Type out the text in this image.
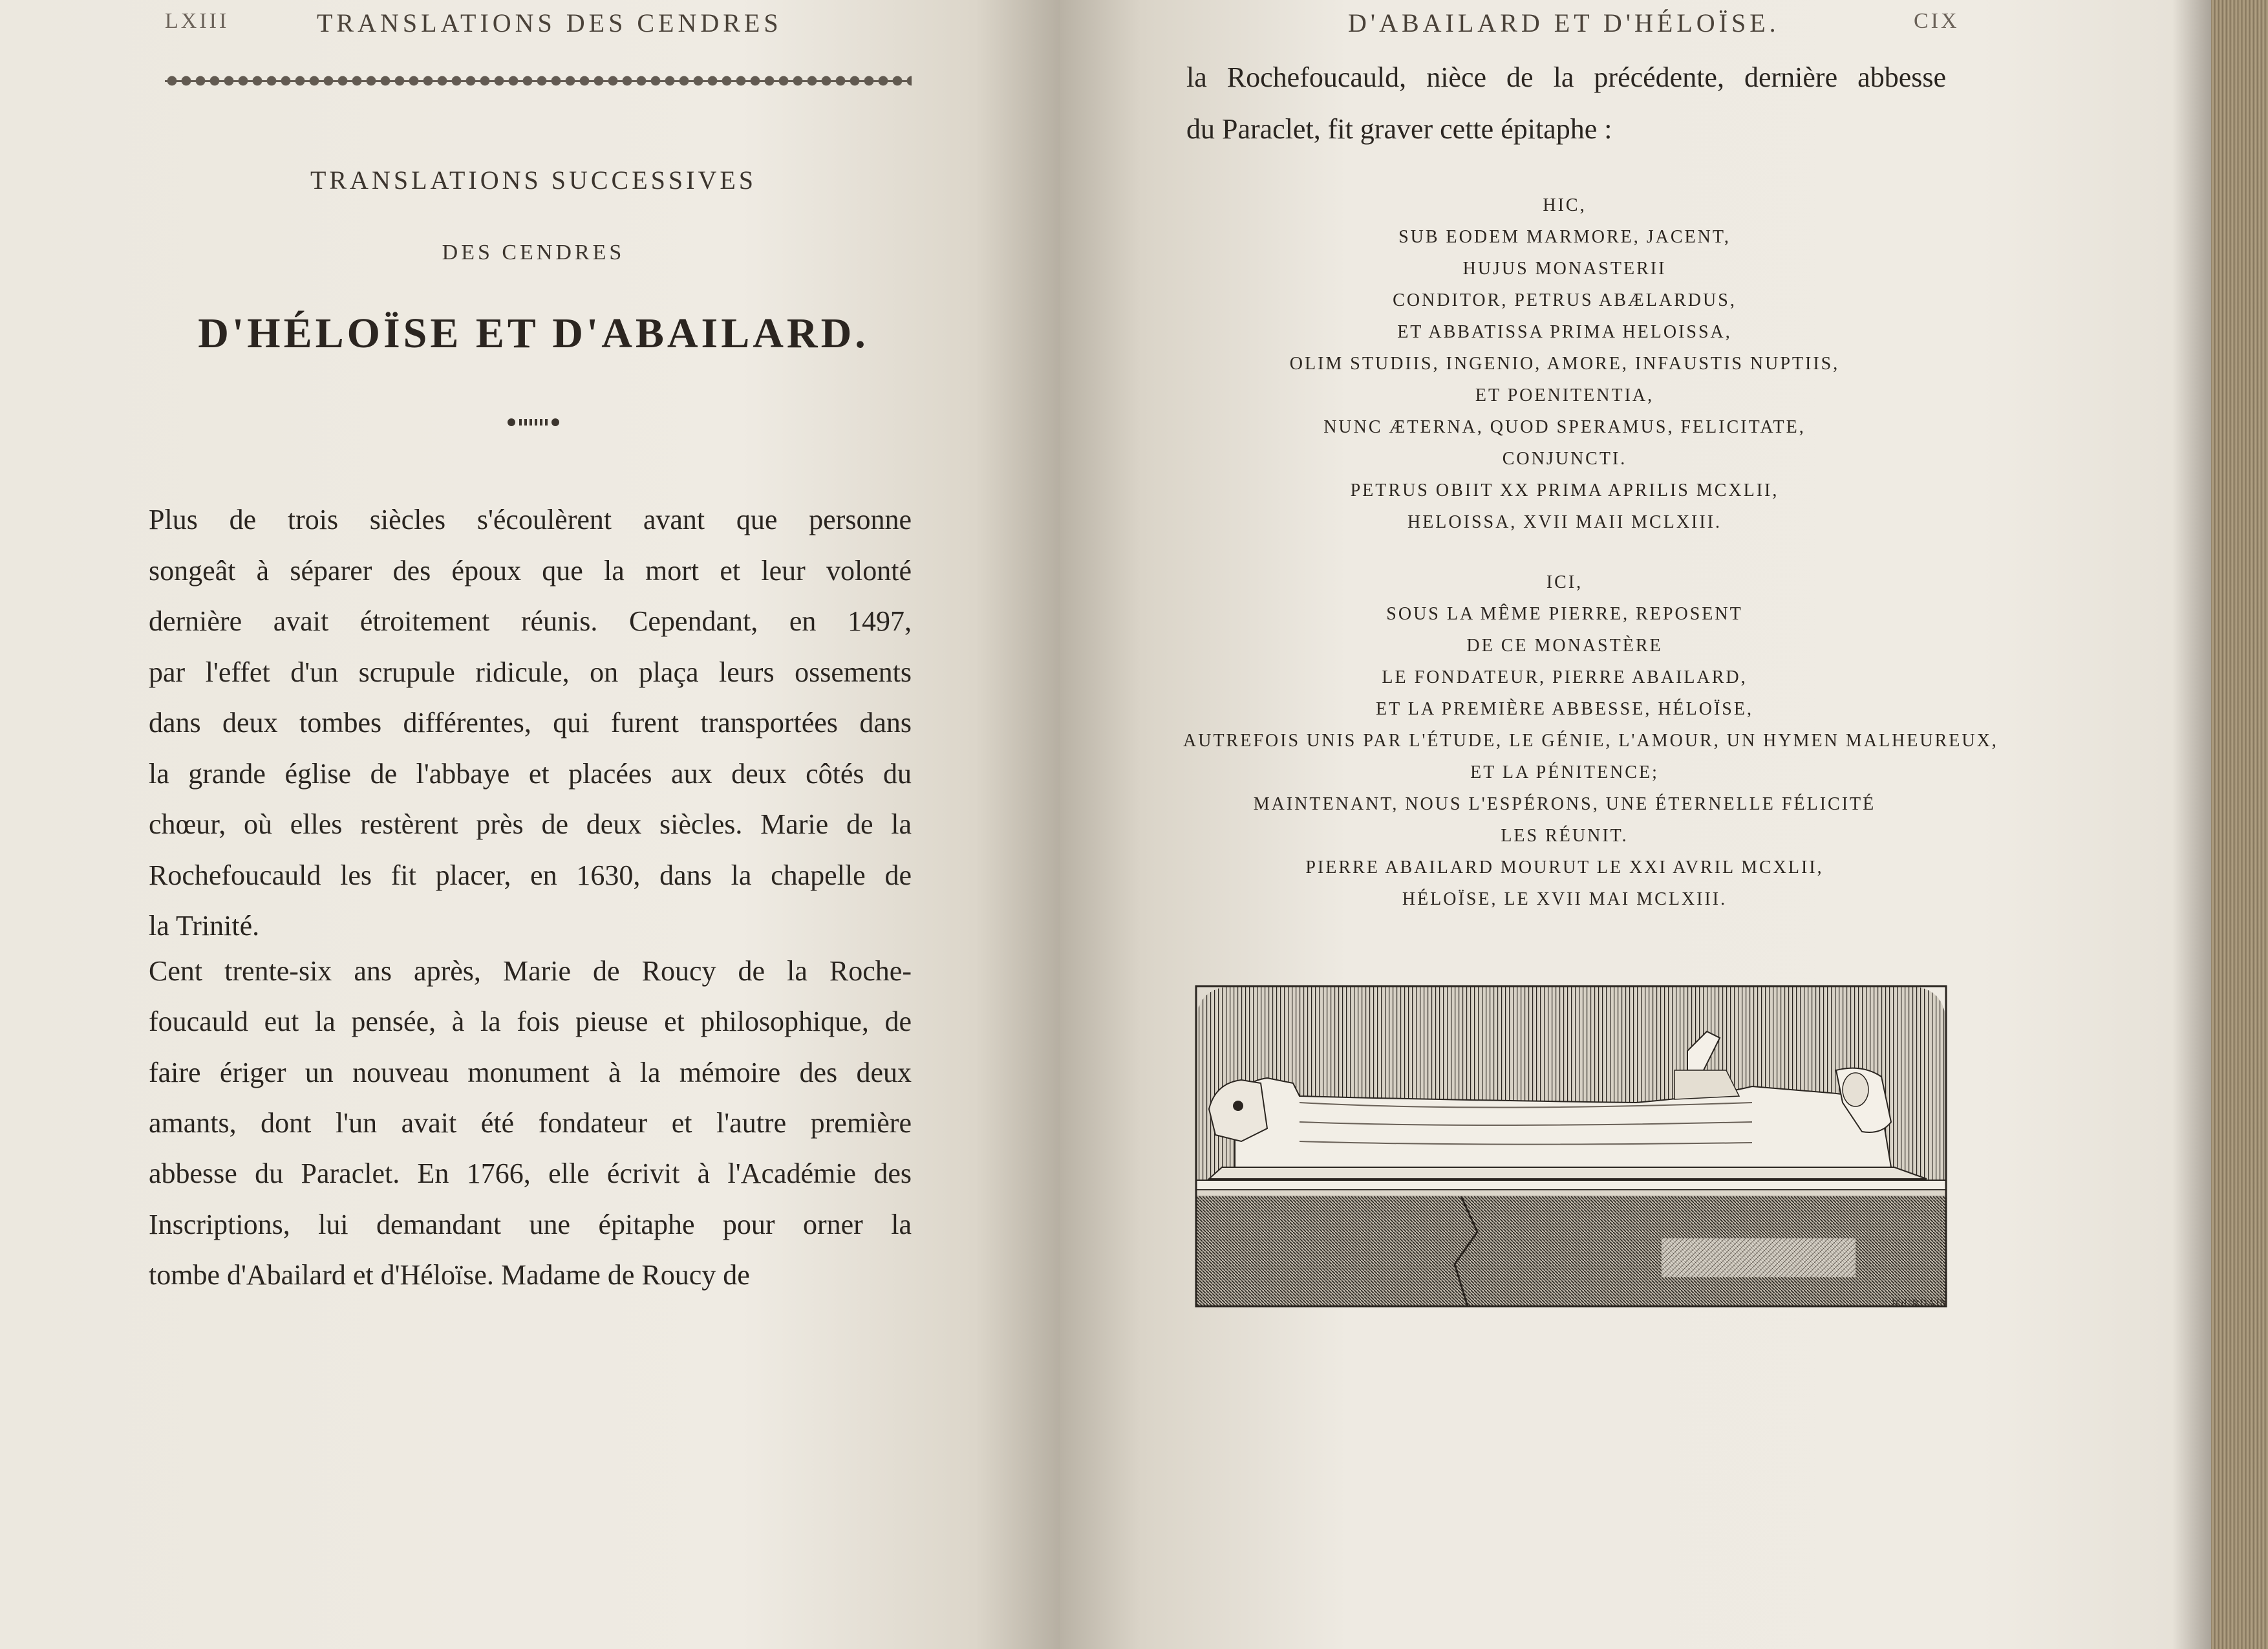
LXIII	TRANSLATIONS DES CENDRES
TRANSLATIONS SUCCESSIVES
DES CENDRES
D'HÉLOÏSE ET D'ABAILARD.
Plus de trois siècles s'écoulèrent avant que personne
songeât à séparer des époux que la mort et leur volonté
dernière avait étroitement réunis. Cependant, en 1497,
par l'effet d'un scrupule ridicule, on plaça leurs ossements
dans deux tombes différentes, qui furent transportées dans
la grande église de l'abbaye et placées aux deux côtés du
chœur, où elles restèrent près de deux siècles. Marie de la
Rochefoucauld les fit placer, en 1630, dans la chapelle de
la Trinité.
Cent trente-six ans après, Marie de Roucy de la Roche-
foucauld eut la pensée, à la fois pieuse et philosophique, de
faire ériger un nouveau monument à la mémoire des deux
amants, dont l'un avait été fondateur et l'autre première
abbesse du Paraclet. En 1766, elle écrivit à l'Académie des
Inscriptions, lui demandant une épitaphe pour orner la
tombe d'Abailard et d'Héloïse. Madame de Roucy de
D'ABAILARD ET D'HÉLOÏSE.	CIX
la Rochefoucauld, nièce de la précédente, dernière abbesse
du Paraclet, fit graver cette épitaphe :
HIC,
SUB EODEM MARMORE, JACENT,
HUJUS MONASTERII
CONDITOR, PETRUS ABÆLARDUS,
ET ABBATISSA PRIMA HELOISSA,
OLIM STUDIIS, INGENIO, AMORE, INFAUSTIS NUPTIIS,
ET POENITENTIA,
NUNC ÆTERNA, QUOD SPERAMUS, FELICITATE,
CONJUNCTI.
PETRUS OBIIT XX PRIMA APRILIS MCXLII,
HELOISSA, XVII MAII MCLXIII.
ICI,
SOUS LA MÊME PIERRE, REPOSENT
DE CE MONASTÈRE
LE FONDATEUR, PIERRE ABAILARD,
ET LA PREMIÈRE ABBESSE, HÉLOÏSE,
AUTREFOIS UNIS PAR L'ÉTUDE, LE GÉNIE, L'AMOUR, UN HYMEN MALHEUREUX,
ET LA PÉNITENCE;
MAINTENANT, NOUS L'ESPÉRONS, UNE ÉTERNELLE FÉLICITÉ
LES RÉUNIT.
PIERRE ABAILARD MOURUT LE XXI AVRIL MCXLII,
HÉLOÏSE, LE XVII MAI MCLXIII.
JOURDAIN
